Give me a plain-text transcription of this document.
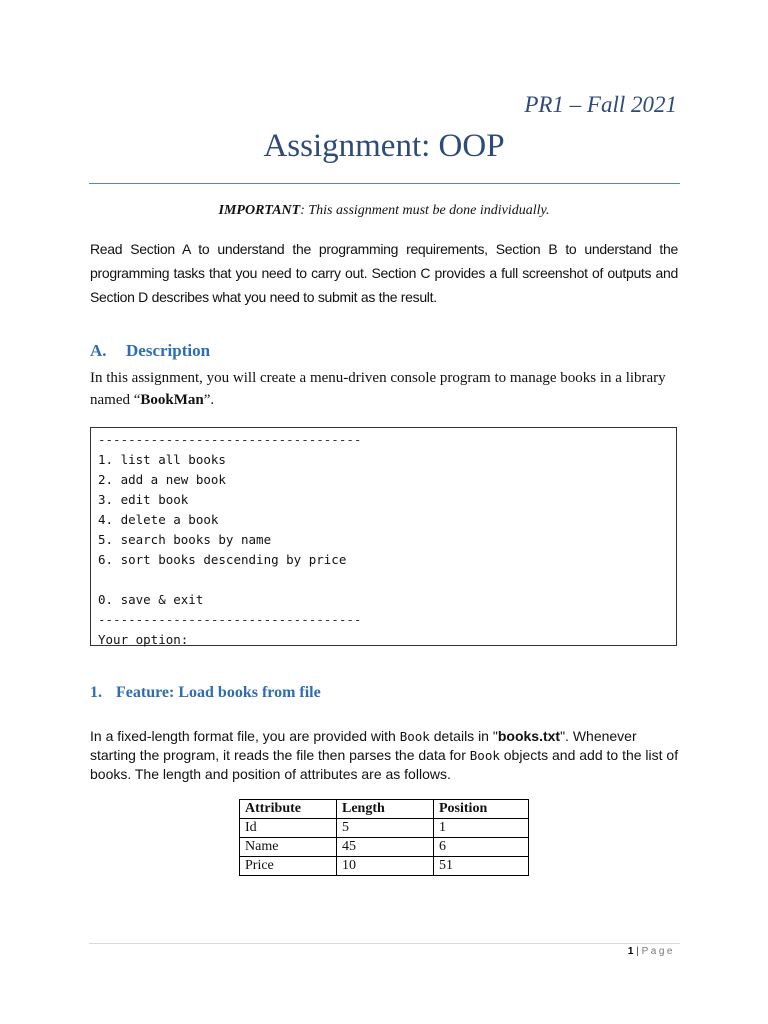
PR1 – Fall 2021
Assignment: OOP
IMPORTANT: This assignment must be done individually.
Read Section A to understand the programming requirements, Section B to understand the programming tasks that you need to carry out. Section C provides a full screenshot of outputs and Section D describes what you need to submit as the result.
A. Description
In this assignment, you will create a menu-driven console program to manage books in a library named “BookMan”.
-----------------------------------
1. list all books
2. add a new book
3. edit book
4. delete a book
5. search books by name
6. sort books descending by price
0. save & exit
-----------------------------------
Your option:
1. Feature: Load books from file
In a fixed-length format file, you are provided with Book details in "books.txt". Whenever starting the program, it reads the file then parses the data for Book objects and add to the list of books. The length and position of attributes are as follows.
Attribute	Length	Position
Id	5	1
Name	45	6
Price	10	51
1 | Page
